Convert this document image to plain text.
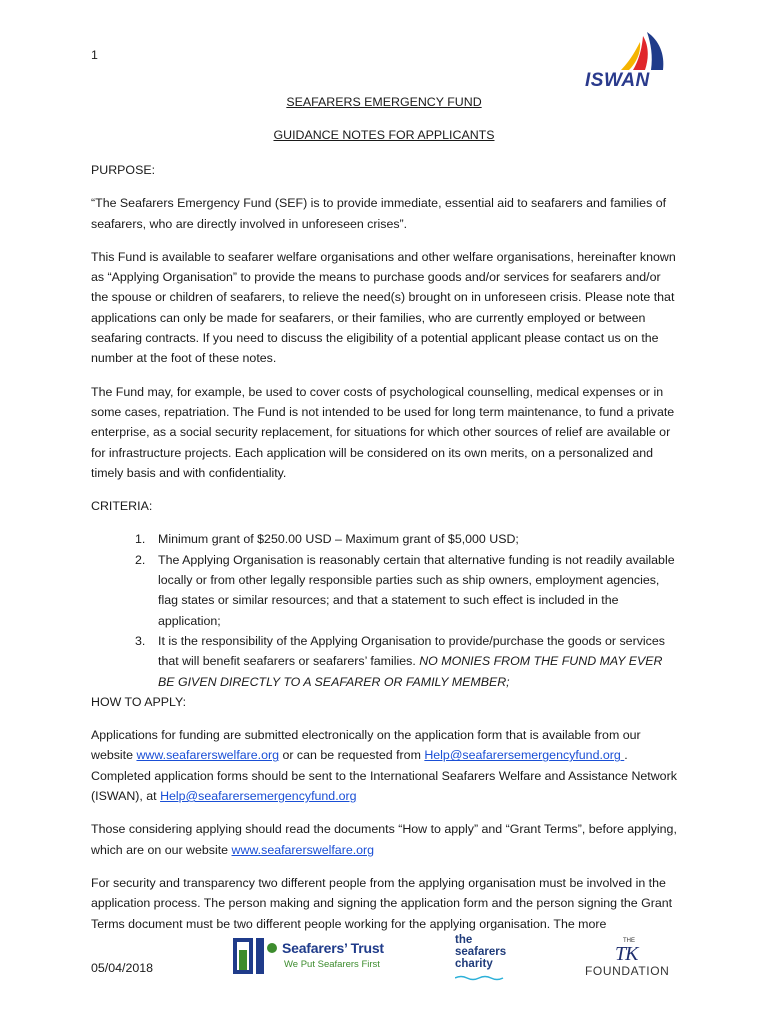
1
ISWAN
SEAFARERS EMERGENCY FUND
GUIDANCE NOTES FOR APPLICANTS
PURPOSE:

“The Seafarers Emergency Fund (SEF) is to provide immediate, essential aid to seafarers and families of seafarers, who are directly involved in unforeseen crises”.

This Fund is available to seafarer welfare organisations and other welfare organisations, hereinafter known as “Applying Organisation” to provide the means to purchase goods and/or services for seafarers and/or the spouse or children of seafarers, to relieve the need(s) brought on in unforeseen crisis. Please note that applications can only be made for seafarers, or their families, who are currently employed or between seafaring contracts. If you need to discuss the eligibility of a potential applicant please contact us on the number at the foot of these notes.

The Fund may, for example, be used to cover costs of psychological counselling, medical expenses or in some cases, repatriation. The Fund is not intended to be used for long term maintenance, to fund a private enterprise, as a social security replacement, for situations for which other sources of relief are available or for infrastructure projects. Each application will be considered on its own merits, on a personalized and timely basis and with confidentiality.

CRITERIA:
1. Minimum grant of $250.00 USD – Maximum grant of $5,000 USD;
2. The Applying Organisation is reasonably certain that alternative funding is not readily available locally or from other legally responsible parties such as ship owners, employment agencies, flag states or similar resources; and that a statement to such effect is included in the application;
3. It is the responsibility of the Applying Organisation to provide/purchase the goods or services that will benefit seafarers or seafarers’ families. NO MONIES FROM THE FUND MAY EVER BE GIVEN DIRECTLY TO A SEAFARER OR FAMILY MEMBER;
HOW TO APPLY:

Applications for funding are submitted electronically on the application form that is available from our website www.seafarerswelfare.org or can be requested from Help@seafarersemergencyfund.org . Completed application forms should be sent to the International Seafarers Welfare and Assistance Network (ISWAN), at Help@seafarersemergencyfund.org

Those considering applying should read the documents “How to apply” and “Grant Terms”, before applying, which are on our website www.seafarerswelfare.org

For security and transparency two different people from the applying organisation must be involved in the application process. The person making and signing the application form and the person signing the Grant Terms document must be two different people working for the applying organisation. The more

05/04/2018
Seafarers’ Trust
We Put Seafarers First
the
seafarers
charity
THE
TK
FOUNDATION
